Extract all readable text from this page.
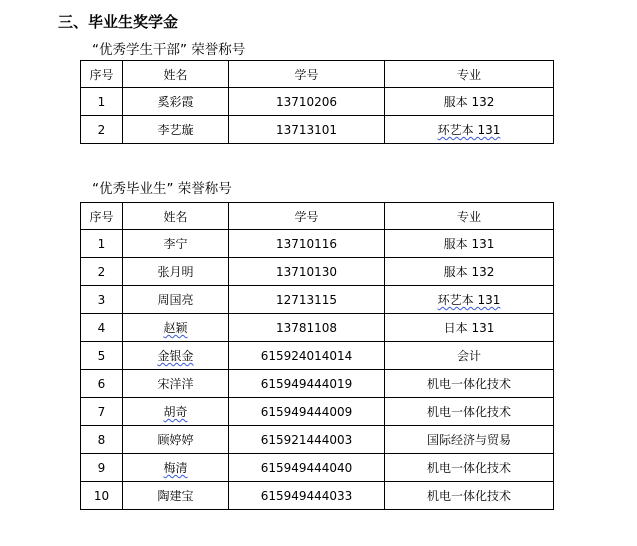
三、毕业生奖学金
“优秀学生干部” 荣誉称号
序号	姓名	学号	专业
1	奚彩霞	13710206	服本 132
2	李艺璇	13713101	环艺本 131
“优秀毕业生” 荣誉称号
序号	姓名	学号	专业
1	李宁	13710116	服本 131
2	张月明	13710130	服本 132
3	周国亮	12713115	环艺本 131
4	赵颖	13781108	日本 131
5	金银金	615924014014	会计
6	宋洋洋	615949444019	机电一体化技术
7	胡奇	615949444009	机电一体化技术
8	顾婷婷	615921444003	国际经济与贸易
9	梅清	615949444040	机电一体化技术
10	陶建宝	615949444033	机电一体化技术
